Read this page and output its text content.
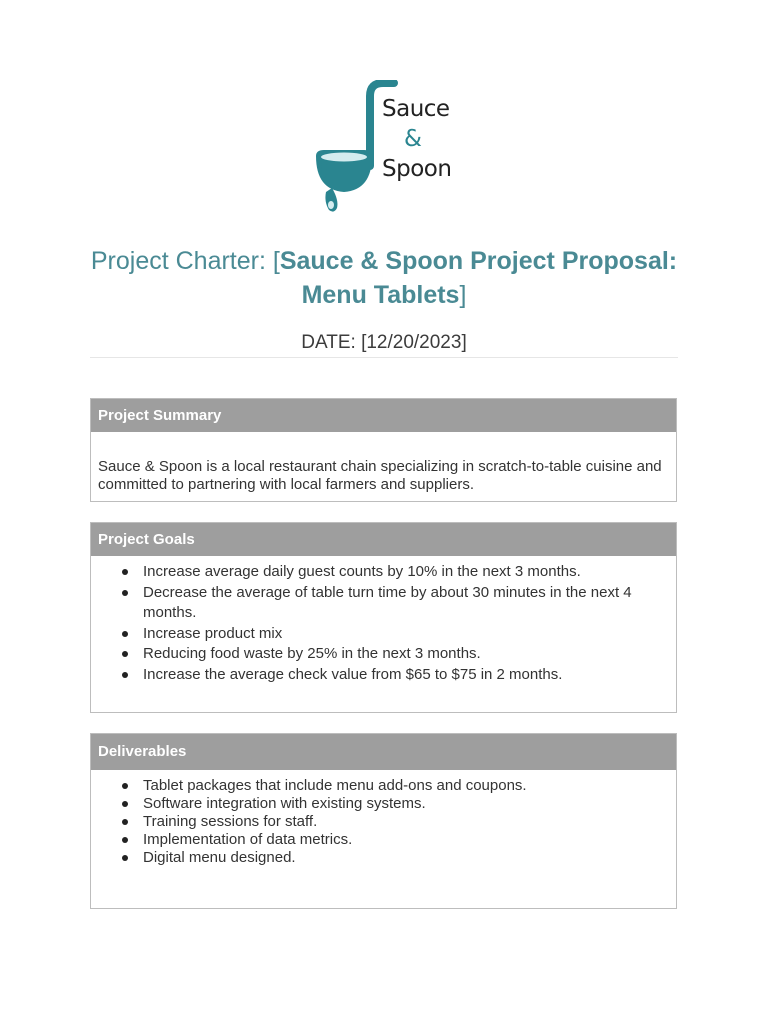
Sauce
&
Spoon
Project Charter: [Sauce & Spoon Project Proposal: Menu Tablets]
DATE: [12/20/2023]
Project Summary
Sauce & Spoon is a local restaurant chain specializing in scratch-to-table cuisine and committed to partnering with local farmers and suppliers.
Project Goals
Increase average daily guest counts by 10% in the next 3 months.
Decrease the average of table turn time by about 30 minutes in the next 4 months.
Increase product mix
Reducing food waste by 25% in the next 3 months.
Increase the average check value from $65 to $75 in 2 months.
Deliverables
Tablet packages that include menu add-ons and coupons.
Software integration with existing systems.
Training sessions for staff.
Implementation of data metrics.
Digital menu designed.
